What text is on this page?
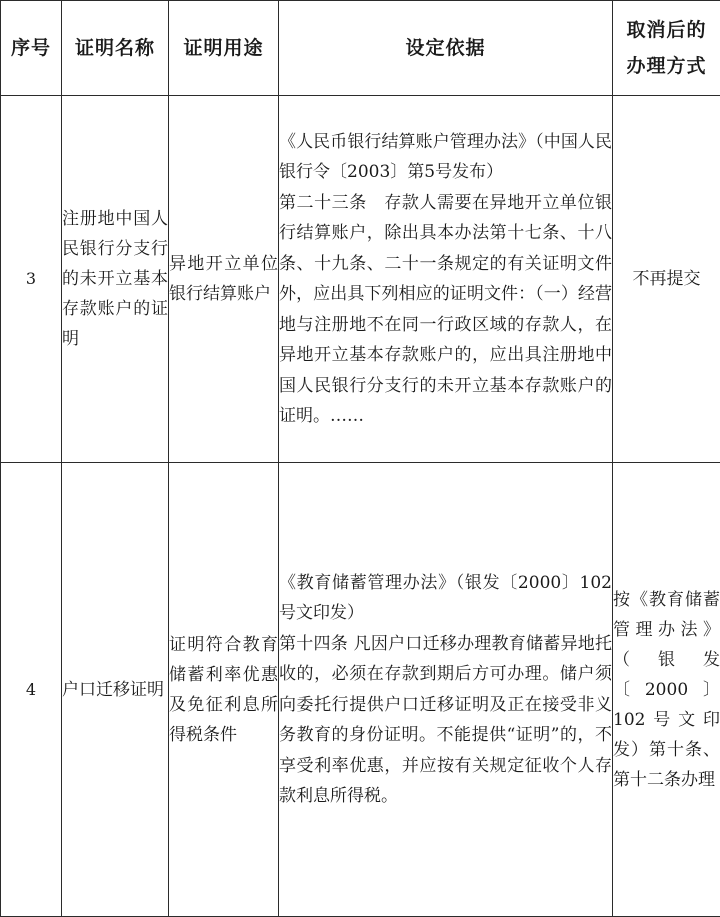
序号	证明名称	证明用途	设定依据	取消后的
办理方式

3	注册地中国人民银行分支行的未开立基本存款账户的证明	异地开立单位银行结算账户	《人民币银行结算账户管理办法》（中国人民银行令〔2003〕第5号发布）
第二十三条　存款人需要在异地开立单位银行结算账户，除出具本办法第十七条、十八条、十九条、二十一条规定的有关证明文件外，应出具下列相应的证明文件：（一）经营地与注册地不在同一行政区域的存款人，在异地开立基本存款账户的，应出具注册地中国人民银行分支行的未开立基本存款账户的证明。……	不再提交
4	户口迁移证明	证明符合教育储蓄利率优惠及免征利息所得税条件	《教育储蓄管理办法》（银发〔2000〕102号文印发）
第十四条 凡因户口迁移办理教育储蓄异地托收的，必须在存款到期后方可办理。储户须向委托行提供户口迁移证明及正在接受非义务教育的身份证明。不能提供“证明”的，不享受利率优惠，并应按有关规定征收个人存款利息所得税。	按《教育储蓄管理办法》（银发〔2000〕102号文印发）第十条、第十二条办理
